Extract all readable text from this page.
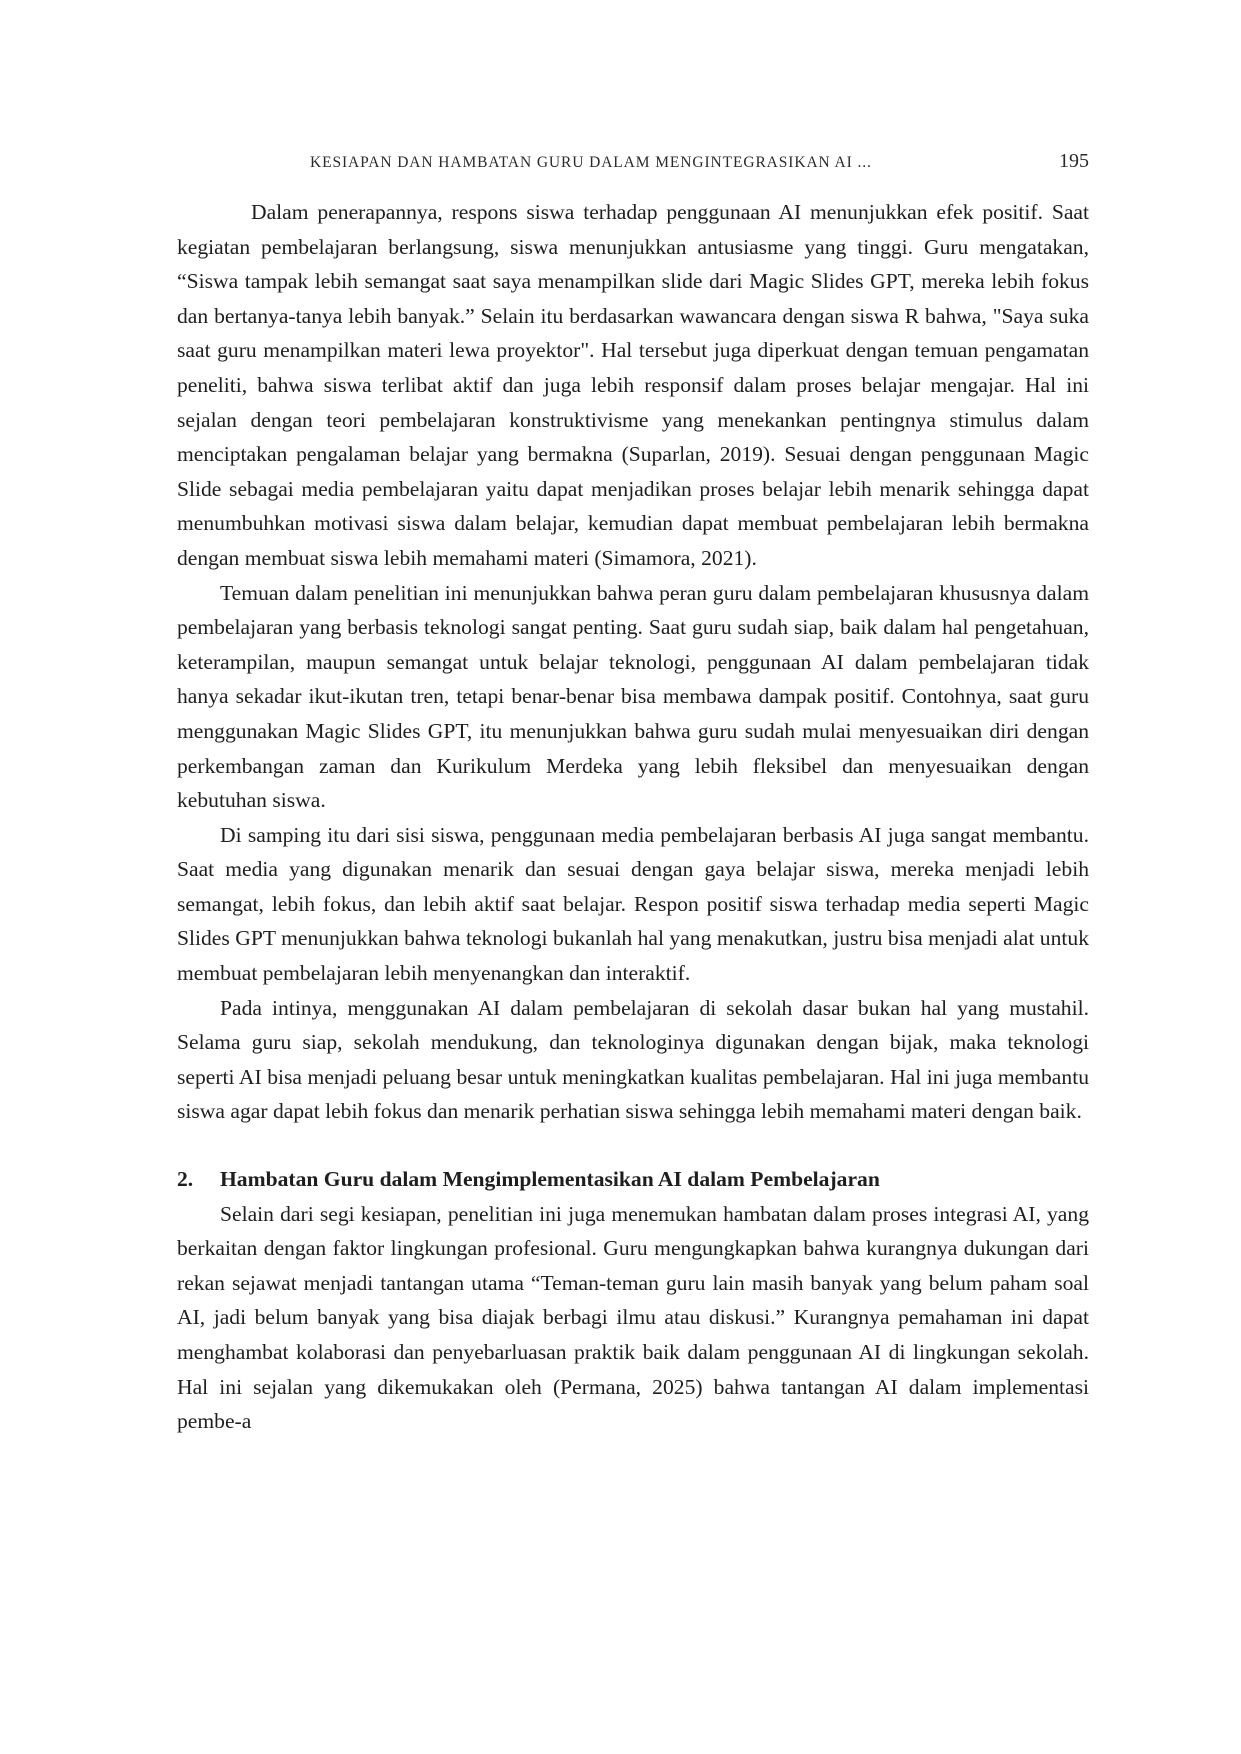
KESIAPAN DAN HAMBATAN GURU DALAM MENGINTEGRASIKAN AI ...	195

Dalam penerapannya, respons siswa terhadap penggunaan AI menunjukkan efek positif. Saat kegiatan pembelajaran berlangsung, siswa menunjukkan antusiasme yang tinggi. Guru mengatakan, “Siswa tampak lebih semangat saat saya menampilkan slide dari Magic Slides GPT, mereka lebih fokus dan bertanya-tanya lebih banyak.” Selain itu berdasarkan wawancara dengan siswa R bahwa, "Saya suka saat guru menampilkan materi lewa proyektor". Hal tersebut juga diperkuat dengan temuan pengamatan peneliti, bahwa siswa terlibat aktif dan juga lebih responsif dalam proses belajar mengajar. Hal ini sejalan dengan teori pembelajaran konstruktivisme yang menekankan pentingnya stimulus dalam menciptakan pengalaman belajar yang bermakna (Suparlan, 2019). Sesuai dengan penggunaan Magic Slide sebagai media pembelajaran yaitu dapat menjadikan proses belajar lebih menarik sehingga dapat menumbuhkan motivasi siswa dalam belajar, kemudian dapat membuat pembelajaran lebih bermakna dengan membuat siswa lebih memahami materi (Simamora, 2021).

Temuan dalam penelitian ini menunjukkan bahwa peran guru dalam pembelajaran khususnya dalam pembelajaran yang berbasis teknologi sangat penting. Saat guru sudah siap, baik dalam hal pengetahuan, keterampilan, maupun semangat untuk belajar teknologi, penggunaan AI dalam pembelajaran tidak hanya sekadar ikut-ikutan tren, tetapi benar-benar bisa membawa dampak positif. Contohnya, saat guru menggunakan Magic Slides GPT, itu menunjukkan bahwa guru sudah mulai menyesuaikan diri dengan perkembangan zaman dan Kurikulum Merdeka yang lebih fleksibel dan menyesuaikan dengan kebutuhan siswa.

Di samping itu dari sisi siswa, penggunaan media pembelajaran berbasis AI juga sangat membantu. Saat media yang digunakan menarik dan sesuai dengan gaya belajar siswa, mereka menjadi lebih semangat, lebih fokus, dan lebih aktif saat belajar. Respon positif siswa terhadap media seperti Magic Slides GPT menunjukkan bahwa teknologi bukanlah hal yang menakutkan, justru bisa menjadi alat untuk membuat pembelajaran lebih menyenangkan dan interaktif.

Pada intinya, menggunakan AI dalam pembelajaran di sekolah dasar bukan hal yang mustahil. Selama guru siap, sekolah mendukung, dan teknologinya digunakan dengan bijak, maka teknologi seperti AI bisa menjadi peluang besar untuk meningkatkan kualitas pembelajaran. Hal ini juga membantu siswa agar dapat lebih fokus dan menarik perhatian siswa sehingga lebih memahami materi dengan baik.

2.	Hambatan Guru dalam Mengimplementasikan AI dalam Pembelajaran

Selain dari segi kesiapan, penelitian ini juga menemukan hambatan dalam proses integrasi AI, yang berkaitan dengan faktor lingkungan profesional. Guru mengungkapkan bahwa kurangnya dukungan dari rekan sejawat menjadi tantangan utama “Teman-teman guru lain masih banyak yang belum paham soal AI, jadi belum banyak yang bisa diajak berbagi ilmu atau diskusi.” Kurangnya pemahaman ini dapat menghambat kolaborasi dan penyebarluasan praktik baik dalam penggunaan AI di lingkungan sekolah. Hal ini sejalan yang dikemukakan oleh (Permana, 2025) bahwa tantangan AI dalam implementasi pembe-a
